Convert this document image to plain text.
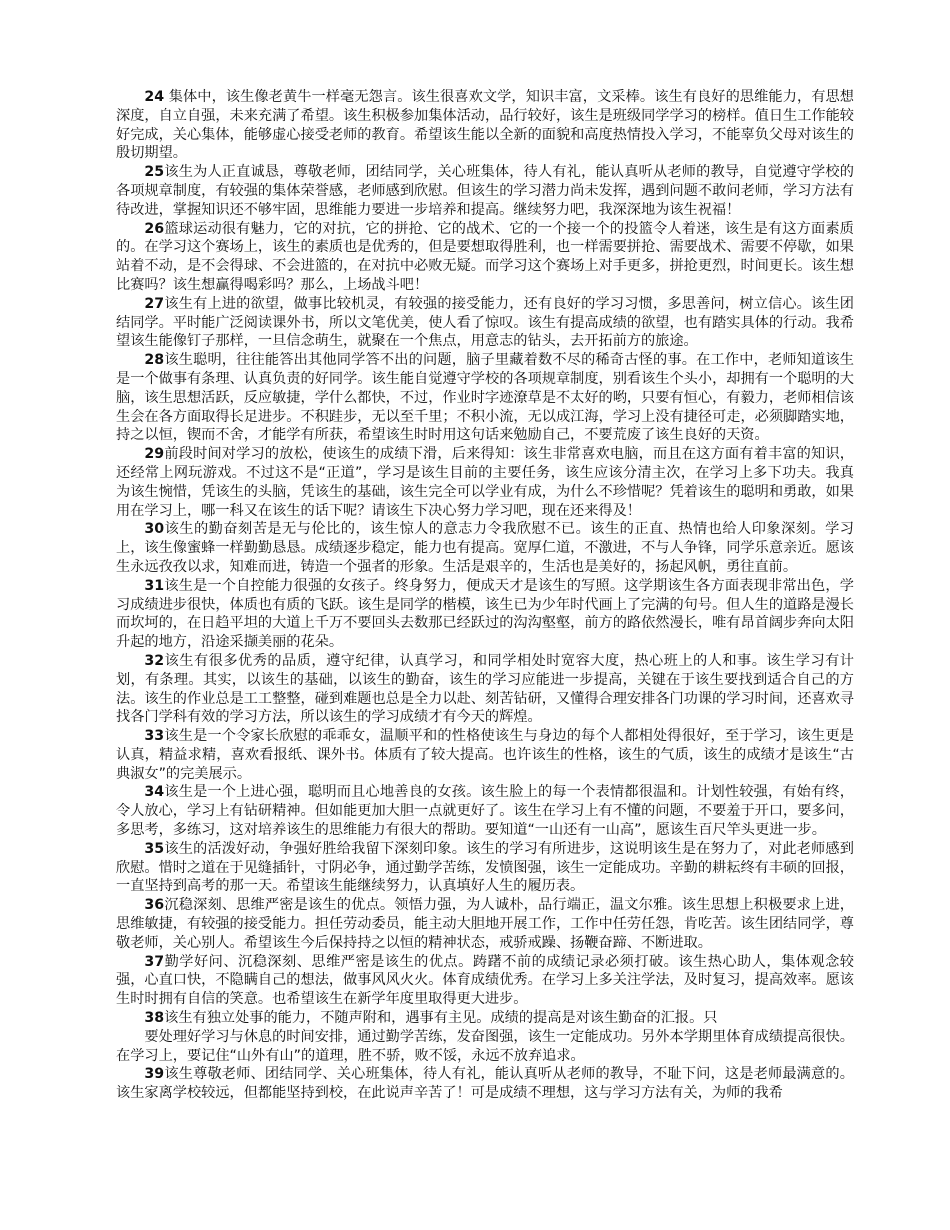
24 集体中，该生像老黄牛一样毫无怨言。该生很喜欢文学，知识丰富，文采棒。该生有良好的思维能力，有思想深度，自立自强，未来充满了希望。该生积极参加集体活动，品行较好，该生是班级同学学习的榜样。值日生工作能较好完成，关心集体，能够虚心接受老师的教育。希望该生能以全新的面貌和高度热情投入学习，不能辜负父母对该生的殷切期望。

25该生为人正直诚恳，尊敬老师，团结同学，关心班集体，待人有礼，能认真听从老师的教导，自觉遵守学校的各项规章制度，有较强的集体荣誉感，老师感到欣慰。但该生的学习潜力尚未发挥，遇到问题不敢问老师，学习方法有待改进，掌握知识还不够牢固，思维能力要进一步培养和提高。继续努力吧，我深深地为该生祝福！

26篮球运动很有魅力，它的对抗，它的拼抢、它的战术、它的一个接一个的投篮令人着迷，该生是有这方面素质的。在学习这个赛场上，该生的素质也是优秀的，但是要想取得胜利，也一样需要拼抢、需要战术、需要不停歇，如果站着不动，是不会得球、不会进篮的，在对抗中必败无疑。而学习这个赛场上对手更多，拼抢更烈，时间更长。该生想比赛吗？该生想赢得喝彩吗？那么，上场战斗吧！

27该生有上进的欲望，做事比较机灵，有较强的接受能力，还有良好的学习习惯，多思善问，树立信心。该生团结同学。平时能广泛阅读课外书，所以文笔优美，使人看了惊叹。该生有提高成绩的欲望，也有踏实具体的行动。我希望该生能像钉子那样，一旦信念萌生，就聚在一个焦点，用意志的钻头，去开拓前方的旅途。

28该生聪明，往往能答出其他同学答不出的问题，脑子里藏着数不尽的稀奇古怪的事。在工作中，老师知道该生是一个做事有条理、认真负责的好同学。该生能自觉遵守学校的各项规章制度，别看该生个头小，却拥有一个聪明的大脑，该生思想活跃，反应敏捷，学什么都快，不过，作业时字迹潦草是不太好的哟，只要有恒心，有毅力，老师相信该生会在各方面取得长足进步。不积跬步，无以至千里；不积小流，无以成江海，学习上没有捷径可走，必须脚踏实地，持之以恒，锲而不舍，才能学有所获，希望该生时时用这句话来勉励自己，不要荒废了该生良好的天资。

29前段时间对学习的放松，使该生的成绩下滑，后来得知：该生非常喜欢电脑，而且在这方面有着丰富的知识，还经常上网玩游戏。不过这不是“正道”，学习是该生目前的主要任务，该生应该分清主次，在学习上多下功夫。我真为该生惋惜，凭该生的头脑，凭该生的基础，该生完全可以学业有成，为什么不珍惜呢？凭着该生的聪明和勇敢，如果用在学习上，哪一科又在该生的话下呢？请该生下决心努力学习吧，现在还来得及！

30该生的勤奋刻苦是无与伦比的，该生惊人的意志力令我欣慰不已。该生的正直、热情也给人印象深刻。学习上，该生像蜜蜂一样勤勤恳恳。成绩逐步稳定，能力也有提高。宽厚仁道，不激进，不与人争锋，同学乐意亲近。愿该生永远孜孜以求，知难而进，铸造一个强者的形象。生活是艰辛的，生活也是美好的，扬起风帆，勇往直前。

31该生是一个自控能力很强的女孩子。终身努力，便成天才是该生的写照。这学期该生各方面表现非常出色，学习成绩进步很快，体质也有质的飞跃。该生是同学的楷模，该生已为少年时代画上了完满的句号。但人生的道路是漫长而坎坷的，在日趋平坦的大道上千万不要回头去数那已经跃过的沟沟壑壑，前方的路依然漫长，唯有昂首阔步奔向太阳升起的地方，沿途采撷美丽的花朵。

32该生有很多优秀的品质，遵守纪律，认真学习，和同学相处时宽容大度，热心班上的人和事。该生学习有计划，有条理。其实，以该生的基础，以该生的勤奋，该生的学习应能进一步提高，关键在于该生要找到适合自己的方法。该生的作业总是工工整整，碰到难题也总是全力以赴、刻苦钻研，又懂得合理安排各门功课的学习时间，还喜欢寻找各门学科有效的学习方法，所以该生的学习成绩才有今天的辉煌。

33该生是一个令家长欣慰的乖乖女，温顺平和的性格使该生与身边的每个人都相处得很好，至于学习，该生更是认真，精益求精，喜欢看报纸、课外书。体质有了较大提高。也许该生的性格，该生的气质，该生的成绩才是该生“古典淑女”的完美展示。

34该生是一个上进心强，聪明而且心地善良的女孩。该生脸上的每一个表情都很温和。计划性较强，有始有终，令人放心，学习上有钻研精神。但如能更加大胆一点就更好了。该生在学习上有不懂的问题，不要羞于开口，要多问，多思考，多练习，这对培养该生的思维能力有很大的帮助。要知道“一山还有一山高”，愿该生百尺竿头更进一步。

35该生的活泼好动，争强好胜给我留下深刻印象。该生的学习有所进步，这说明该生是在努力了，对此老师感到欣慰。惜时之道在于见缝插针，寸阴必争，通过勤学苦练，发愤图强，该生一定能成功。辛勤的耕耘终有丰硕的回报，一直坚持到高考的那一天。希望该生能继续努力，认真填好人生的履历表。

36沉稳深刻、思维严密是该生的优点。领悟力强，为人诚朴，品行端正，温文尔雅。该生思想上积极要求上进，思维敏捷，有较强的接受能力。担任劳动委员，能主动大胆地开展工作，工作中任劳任怨，肯吃苦。该生团结同学，尊敬老师，关心别人。希望该生今后保持持之以恒的精神状态，戒骄戒躁、扬鞭奋蹄、不断进取。

37勤学好问、沉稳深刻、思维严密是该生的优点。踌躇不前的成绩记录必须打破。该生热心助人，集体观念较强，心直口快，不隐瞒自己的想法，做事风风火火。体育成绩优秀。在学习上多关注学法，及时复习，提高效率。愿该生时时拥有自信的笑意。也希望该生在新学年度里取得更大进步。

38该生有独立处事的能力，不随声附和，遇事有主见。成绩的提高是对该生勤奋的汇报。只

要处理好学习与休息的时间安排，通过勤学苦练，发奋图强，该生一定能成功。另外本学期里体育成绩提高很快。在学习上，要记住“山外有山”的道理，胜不骄，败不馁，永远不放弃追求。

39该生尊敬老师、团结同学、关心班集体，待人有礼，能认真听从老师的教导，不耻下问，这是老师最满意的。该生家离学校较远，但都能坚持到校，在此说声辛苦了！可是成绩不理想，这与学习方法有关，为师的我希
